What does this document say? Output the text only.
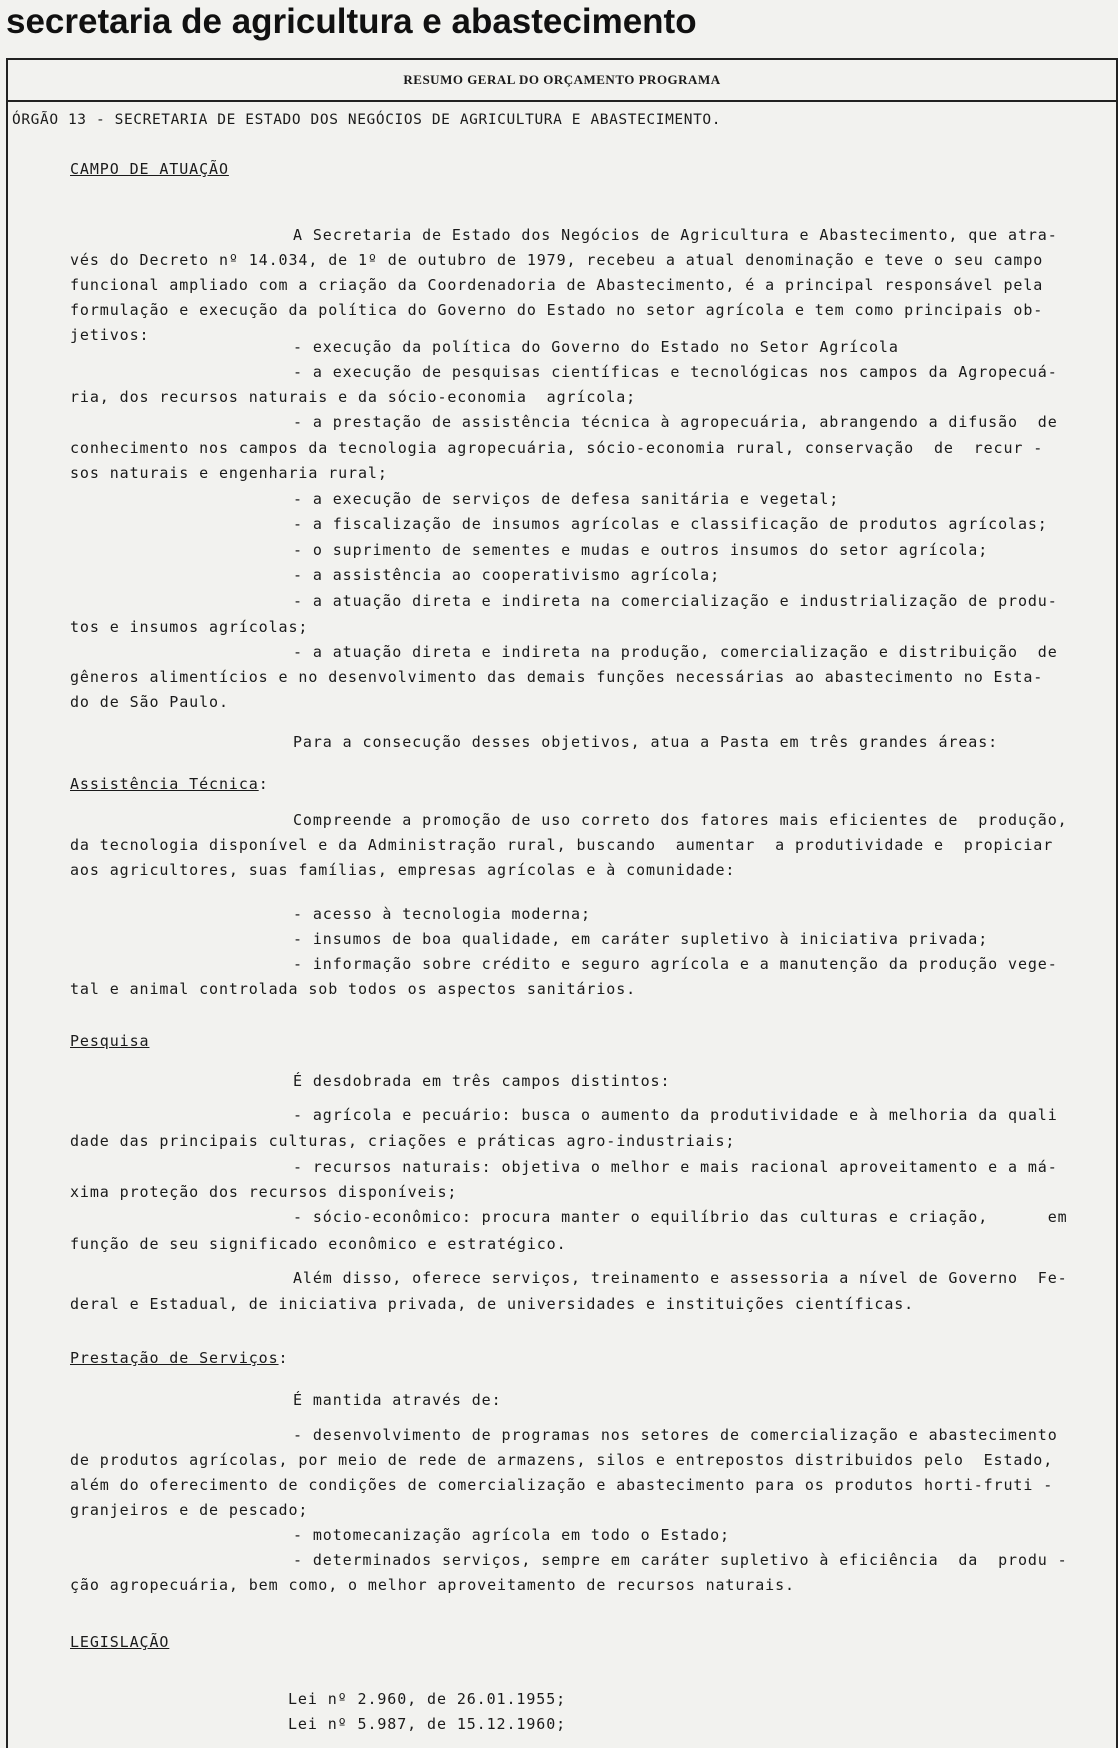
secretaria de agricultura e abastecimento
RESUMO GERAL DO ORÇAMENTO PROGRAMA
ÓRGÃO 13 - SECRETARIA DE ESTADO DOS NEGÓCIOS DE AGRICULTURA E ABASTECIMENTO.
CAMPO DE ATUAÇÃO
A Secretaria de Estado dos Negócios de Agricultura e Abastecimento, que atra-
vés do Decreto nº 14.034, de 1º de outubro de 1979, recebeu a atual denominação e teve o seu campo
funcional ampliado com a criação da Coordenadoria de Abastecimento, é a principal responsável pela
formulação e execução da política do Governo do Estado no setor agrícola e tem como principais ob-
jetivos:
- execução da política do Governo do Estado no Setor Agrícola
- a execução de pesquisas científicas e tecnológicas nos campos da Agropecuá-
ria, dos recursos naturais e da sócio-economia  agrícola;
- a prestação de assistência técnica à agropecuária, abrangendo a difusão  de
conhecimento nos campos da tecnologia agropecuária, sócio-economia rural, conservação  de  recur -
sos naturais e engenharia rural;
- a execução de serviços de defesa sanitária e vegetal;
- a fiscalização de insumos agrícolas e classificação de produtos agrícolas;
- o suprimento de sementes e mudas e outros insumos do setor agrícola;
- a assistência ao cooperativismo agrícola;
- a atuação direta e indireta na comercialização e industrialização de produ-
tos e insumos agrícolas;
- a atuação direta e indireta na produção, comercialização e distribuição  de
gêneros alimentícios e no desenvolvimento das demais funções necessárias ao abastecimento no Esta-
do de São Paulo.
Para a consecução desses objetivos, atua a Pasta em três grandes áreas:
Assistência Técnica:
Compreende a promoção de uso correto dos fatores mais eficientes de  produção,
da tecnologia disponível e da Administração rural, buscando  aumentar  a produtividade e  propiciar
aos agricultores, suas famílias, empresas agrícolas e à comunidade:
- acesso à tecnologia moderna;
- insumos de boa qualidade, em caráter supletivo à iniciativa privada;
- informação sobre crédito e seguro agrícola e a manutenção da produção vege-
tal e animal controlada sob todos os aspectos sanitários.
Pesquisa
É desdobrada em três campos distintos:
- agrícola e pecuário: busca o aumento da produtividade e à melhoria da quali
dade das principais culturas, criações e práticas agro-industriais;
- recursos naturais: objetiva o melhor e mais racional aproveitamento e a má-
xima proteção dos recursos disponíveis;
- sócio-econômico: procura manter o equilíbrio das culturas e criação,      em
função de seu significado econômico e estratégico.
Além disso, oferece serviços, treinamento e assessoria a nível de Governo  Fe-
deral e Estadual, de iniciativa privada, de universidades e instituições científicas.
Prestação de Serviços:
É mantida através de:
- desenvolvimento de programas nos setores de comercialização e abastecimento
de produtos agrícolas, por meio de rede de armazens, silos e entrepostos distribuidos pelo  Estado,
além do oferecimento de condições de comercialização e abastecimento para os produtos horti-fruti -
granjeiros e de pescado;
- motomecanização agrícola em todo o Estado;
- determinados serviços, sempre em caráter supletivo à eficiência  da  produ -
ção agropecuária, bem como, o melhor aproveitamento de recursos naturais.
LEGISLAÇÃO
Lei nº 2.960, de 26.01.1955;
Lei nº 5.987, de 15.12.1960;
